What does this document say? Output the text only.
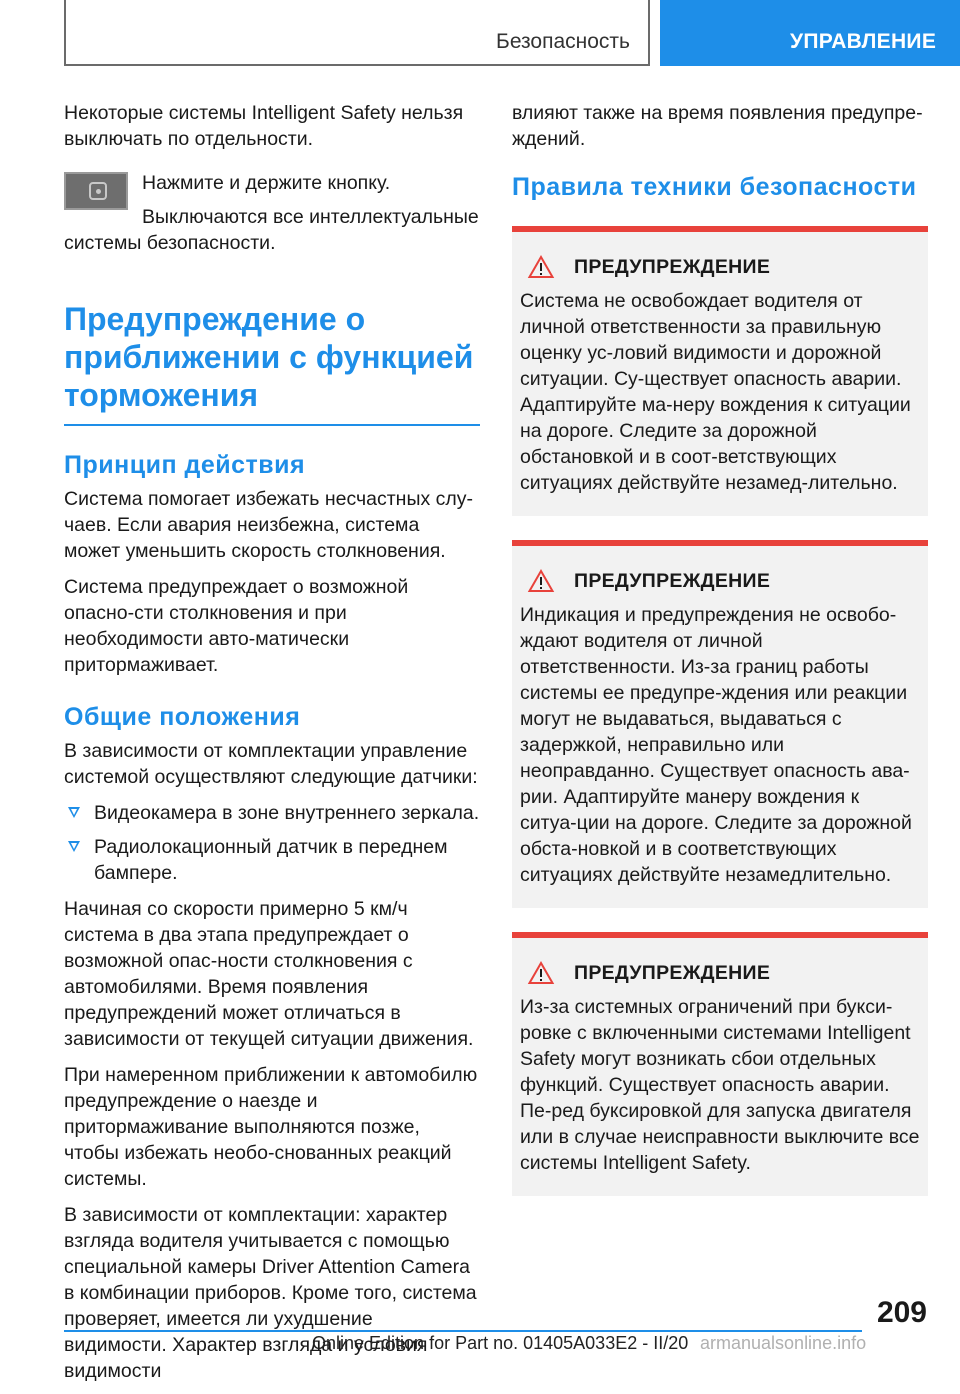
Безопасность	УПРАВЛЕНИЕ

Некоторые системы Intelligent Safety нельзя выключать по отдельности.

Нажмите и держите кнопку.

Выключаются все интеллектуальные системы безопасности.

Предупреждение о приближении с функцией торможения
Принцип действия

Система помогает избежать несчастных слу-чаев. Если авария неизбежна, система может уменьшить скорость столкновения.

Система предупреждает о возможной опасно-сти столкновения и при необходимости авто-матически притормаживает.

Общие положения

В зависимости от комплектации управление системой осуществляют следующие датчики:

Видеокамера в зоне внутреннего зеркала.
Радиолокационный датчик в переднем бампере.

Начиная со скорости примерно 5 км/ч система в два этапа предупреждает о возможной опас-ности столкновения с автомобилями. Время появления предупреждений может отличаться в зависимости от текущей ситуации движения.

При намеренном приближении к автомобилю предупреждение о наезде и притормаживание выполняются позже, чтобы избежать необо-снованных реакций системы.

В зависимости от комплектации: характер взгляда водителя учитывается с помощью специальной камеры Driver Attention Camera в комбинации приборов. Кроме того, система проверяет, имеется ли ухудшение видимости. Характер взгляда и условия видимости

влияют также на время появления предупре-ждений.

Правила техники безопасности
ПРЕДУПРЕЖДЕНИЕ

Система не освобождает водителя от личной ответственности за правильную оценку ус-ловий видимости и дорожной ситуации. Су-ществует опасность аварии. Адаптируйте ма-неру вождения к ситуации на дороге. Следите за дорожной обстановкой и в соот-ветствующих ситуациях действуйте незамед-лительно.

ПРЕДУПРЕЖДЕНИЕ

Индикация и предупреждения не освобо-ждают водителя от личной ответственности. Из-за границ работы системы ее предупре-ждения или реакции могут не выдаваться, выдаваться с задержкой, неправильно или неоправданно. Существует опасность ава-рии. Адаптируйте манеру вождения к ситуа-ции на дороге. Следите за дорожной обста-новкой и в соответствующих ситуациях действуйте незамедлительно.

ПРЕДУПРЕЖДЕНИЕ

Из-за системных ограничений при букси-ровке с включенными системами Intelligent Safety могут возникать сбои отдельных функций. Существует опасность аварии. Пе-ред буксировкой для запуска двигателя или в случае неисправности выключите все системы Intelligent Safety.

209
Online Edition for Part no. 01405A033E2 - II/20 armanualsonline.info
